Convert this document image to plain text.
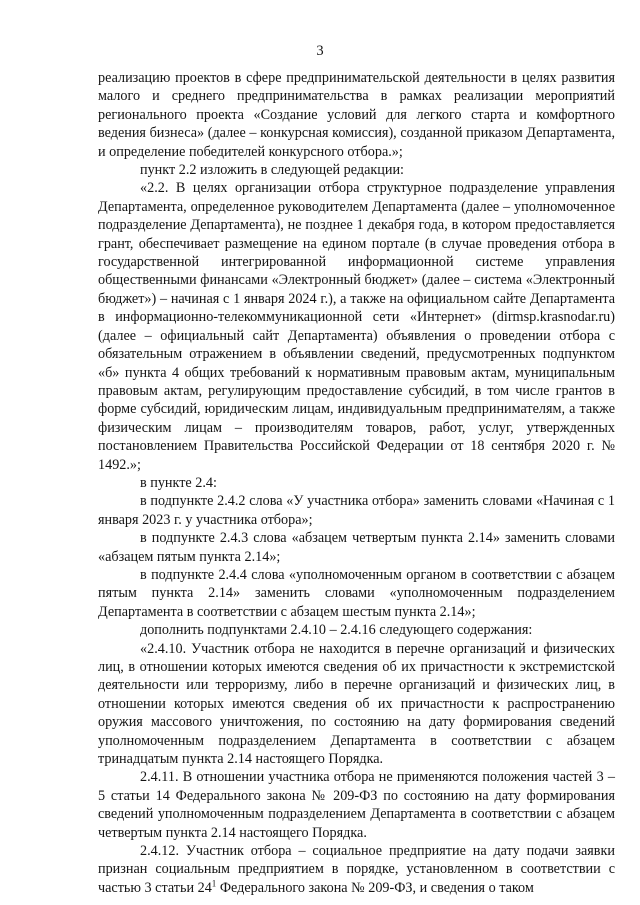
3

реализацию проектов в сфере предпринимательской деятельности в целях развития малого и среднего предпринимательства в рамках реализации мероприятий регионального проекта «Создание условий для легкого старта и комфортного ведения бизнеса» (далее – конкурсная комиссия), созданной приказом Департамента, и определение победителей конкурсного отбора.»;

пункт 2.2 изложить в следующей редакции:

«2.2. В целях организации отбора структурное подразделение управления Департамента, определенное руководителем Департамента (далее – уполномоченное подразделение Департамента), не позднее 1 декабря года, в котором предоставляется грант, обеспечивает размещение на едином портале (в случае проведения отбора в государственной интегрированной информационной системе управления общественными финансами «Электронный бюджет» (далее – система «Электронный бюджет») – начиная с 1 января 2024 г.), а также на официальном сайте Департамента в информационно-телекоммуникационной сети «Интернет» (dirmsp.krasnodar.ru) (далее – официальный сайт Департамента) объявления о проведении отбора с обязательным отражением в объявлении сведений, предусмотренных подпунктом «б» пункта 4 общих требований к нормативным правовым актам, муниципальным правовым актам, регулирующим предоставление субсидий, в том числе грантов в форме субсидий, юридическим лицам, индивидуальным предпринимателям, а также физическим лицам – производителям товаров, работ, услуг, утвержденных постановлением Правительства Российской Федерации от 18 сентября 2020 г. № 1492.»;

в пункте 2.4:

в подпункте 2.4.2 слова «У участника отбора» заменить словами «Начиная с 1 января 2023 г. у участника отбора»;

в подпункте 2.4.3 слова «абзацем четвертым пункта 2.14» заменить словами «абзацем пятым пункта 2.14»;

в подпункте 2.4.4 слова «уполномоченным органом в соответствии с абзацем пятым пункта 2.14» заменить словами «уполномоченным подразделением Департамента в соответствии с абзацем шестым пункта 2.14»;

дополнить подпунктами 2.4.10 – 2.4.16 следующего содержания:

«2.4.10. Участник отбора не находится в перечне организаций и физических лиц, в отношении которых имеются сведения об их причастности к экстремистской деятельности или терроризму, либо в перечне организаций и физических лиц, в отношении которых имеются сведения об их причастности к распространению оружия массового уничтожения, по состоянию на дату формирования сведений уполномоченным подразделением Департамента в соответствии с абзацем тринадцатым пункта 2.14 настоящего Порядка.

2.4.11. В отношении участника отбора не применяются положения частей 3 – 5 статьи 14 Федерального закона № 209-ФЗ по состоянию на дату формирования сведений уполномоченным подразделением Департамента в соответствии с абзацем четвертым пункта 2.14 настоящего Порядка.

2.4.12. Участник отбора – социальное предприятие на дату подачи заявки признан социальным предприятием в порядке, установленном в соответствии с частью 3 статьи $24^1$ Федерального закона № 209-ФЗ, и сведения о таком
